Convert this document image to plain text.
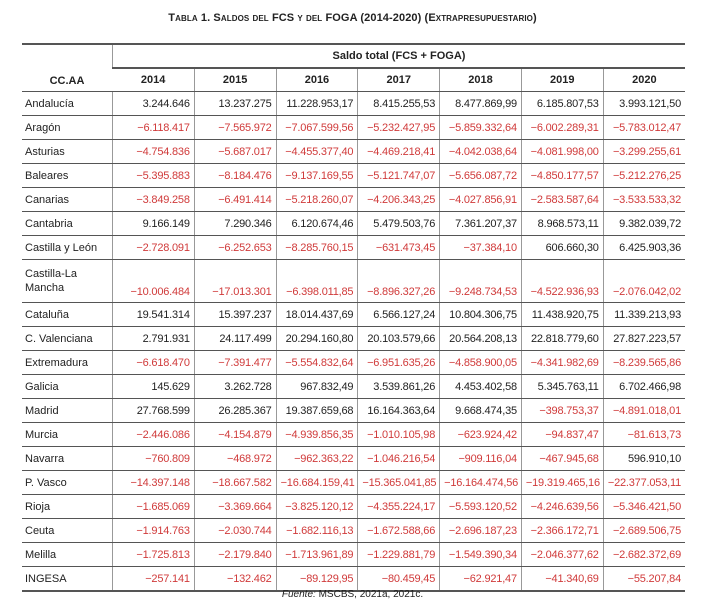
Tabla 1. Saldos del FCS y del FOGA (2014-2020) (Extrapresupuestario)
CC.AA	Saldo total (FCS + FOGA)						
	2014	2015	2016	2017	2018	2019	2020
Andalucía	3.244.646	13.237.275	11.228.953,17	8.415.255,53	8.477.869,99	6.185.807,53	3.993.121,50
Aragón	−6.118.417	−7.565.972	−7.067.599,56	−5.232.427,95	−5.859.332,64	−6.002.289,31	−5.783.012,47
Asturias	−4.754.836	−5.687.017	−4.455.377,40	−4.469.218,41	−4.042.038,64	−4.081.998,00	−3.299.255,61
Baleares	−5.395.883	−8.184.476	−9.137.169,55	−5.121.747,07	−5.656.087,72	−4.850.177,57	−5.212.276,25
Canarias	−3.849.258	−6.491.414	−5.218.260,07	−4.206.343,25	−4.027.856,91	−2.583.587,64	−3.533.533,32
Cantabria	9.166.149	7.290.346	6.120.674,46	5.479.503,76	7.361.207,37	8.968.573,11	9.382.039,72
Castilla y León	−2.728.091	−6.252.653	−8.285.760,15	−631.473,45	−37.384,10	606.660,30	6.425.903,36
Castilla-La Mancha	−10.006.484	−17.013.301	−6.398.011,85	−8.896.327,26	−9.248.734,53	−4.522.936,93	−2.076.042,02
Cataluña	19.541.314	15.397.237	18.014.437,69	6.566.127,24	10.804.306,75	11.438.920,75	11.339.213,93
C. Valenciana	2.791.931	24.117.499	20.294.160,80	20.103.579,66	20.564.208,13	22.818.779,60	27.827.223,57
Extremadura	−6.618.470	−7.391.477	−5.554.832,64	−6.951.635,26	−4.858.900,05	−4.341.982,69	−8.239.565,86
Galicia	145.629	3.262.728	967.832,49	3.539.861,26	4.453.402,58	5.345.763,11	6.702.466,98
Madrid	27.768.599	26.285.367	19.387.659,68	16.164.363,64	9.668.474,35	−398.753,37	−4.891.018,01
Murcia	−2.446.086	−4.154.879	−4.939.856,35	−1.010.105,98	−623.924,42	−94.837,47	−81.613,73
Navarra	−760.809	−468.972	−962.363,22	−1.046.216,54	−909.116,04	−467.945,68	596.910,10
P. Vasco	−14.397.148	−18.667.582	−16.684.159,41	−15.365.041,85	−16.164.474,56	−19.319.465,16	−22.377.053,11
Rioja	−1.685.069	−3.369.664	−3.825.120,12	−4.355.224,17	−5.593.120,52	−4.246.639,56	−5.346.421,50
Ceuta	−1.914.763	−2.030.744	−1.682.116,13	−1.672.588,66	−2.696.187,23	−2.366.172,71	−2.689.506,75
Melilla	−1.725.813	−2.179.840	−1.713.961,89	−1.229.881,79	−1.549.390,34	−2.046.377,62	−2.682.372,69
INGESA	−257.141	−132.462	−89.129,95	−80.459,45	−62.921,47	−41.340,69	−55.207,84
Fuente: MSCBS, 2021a, 2021c.
